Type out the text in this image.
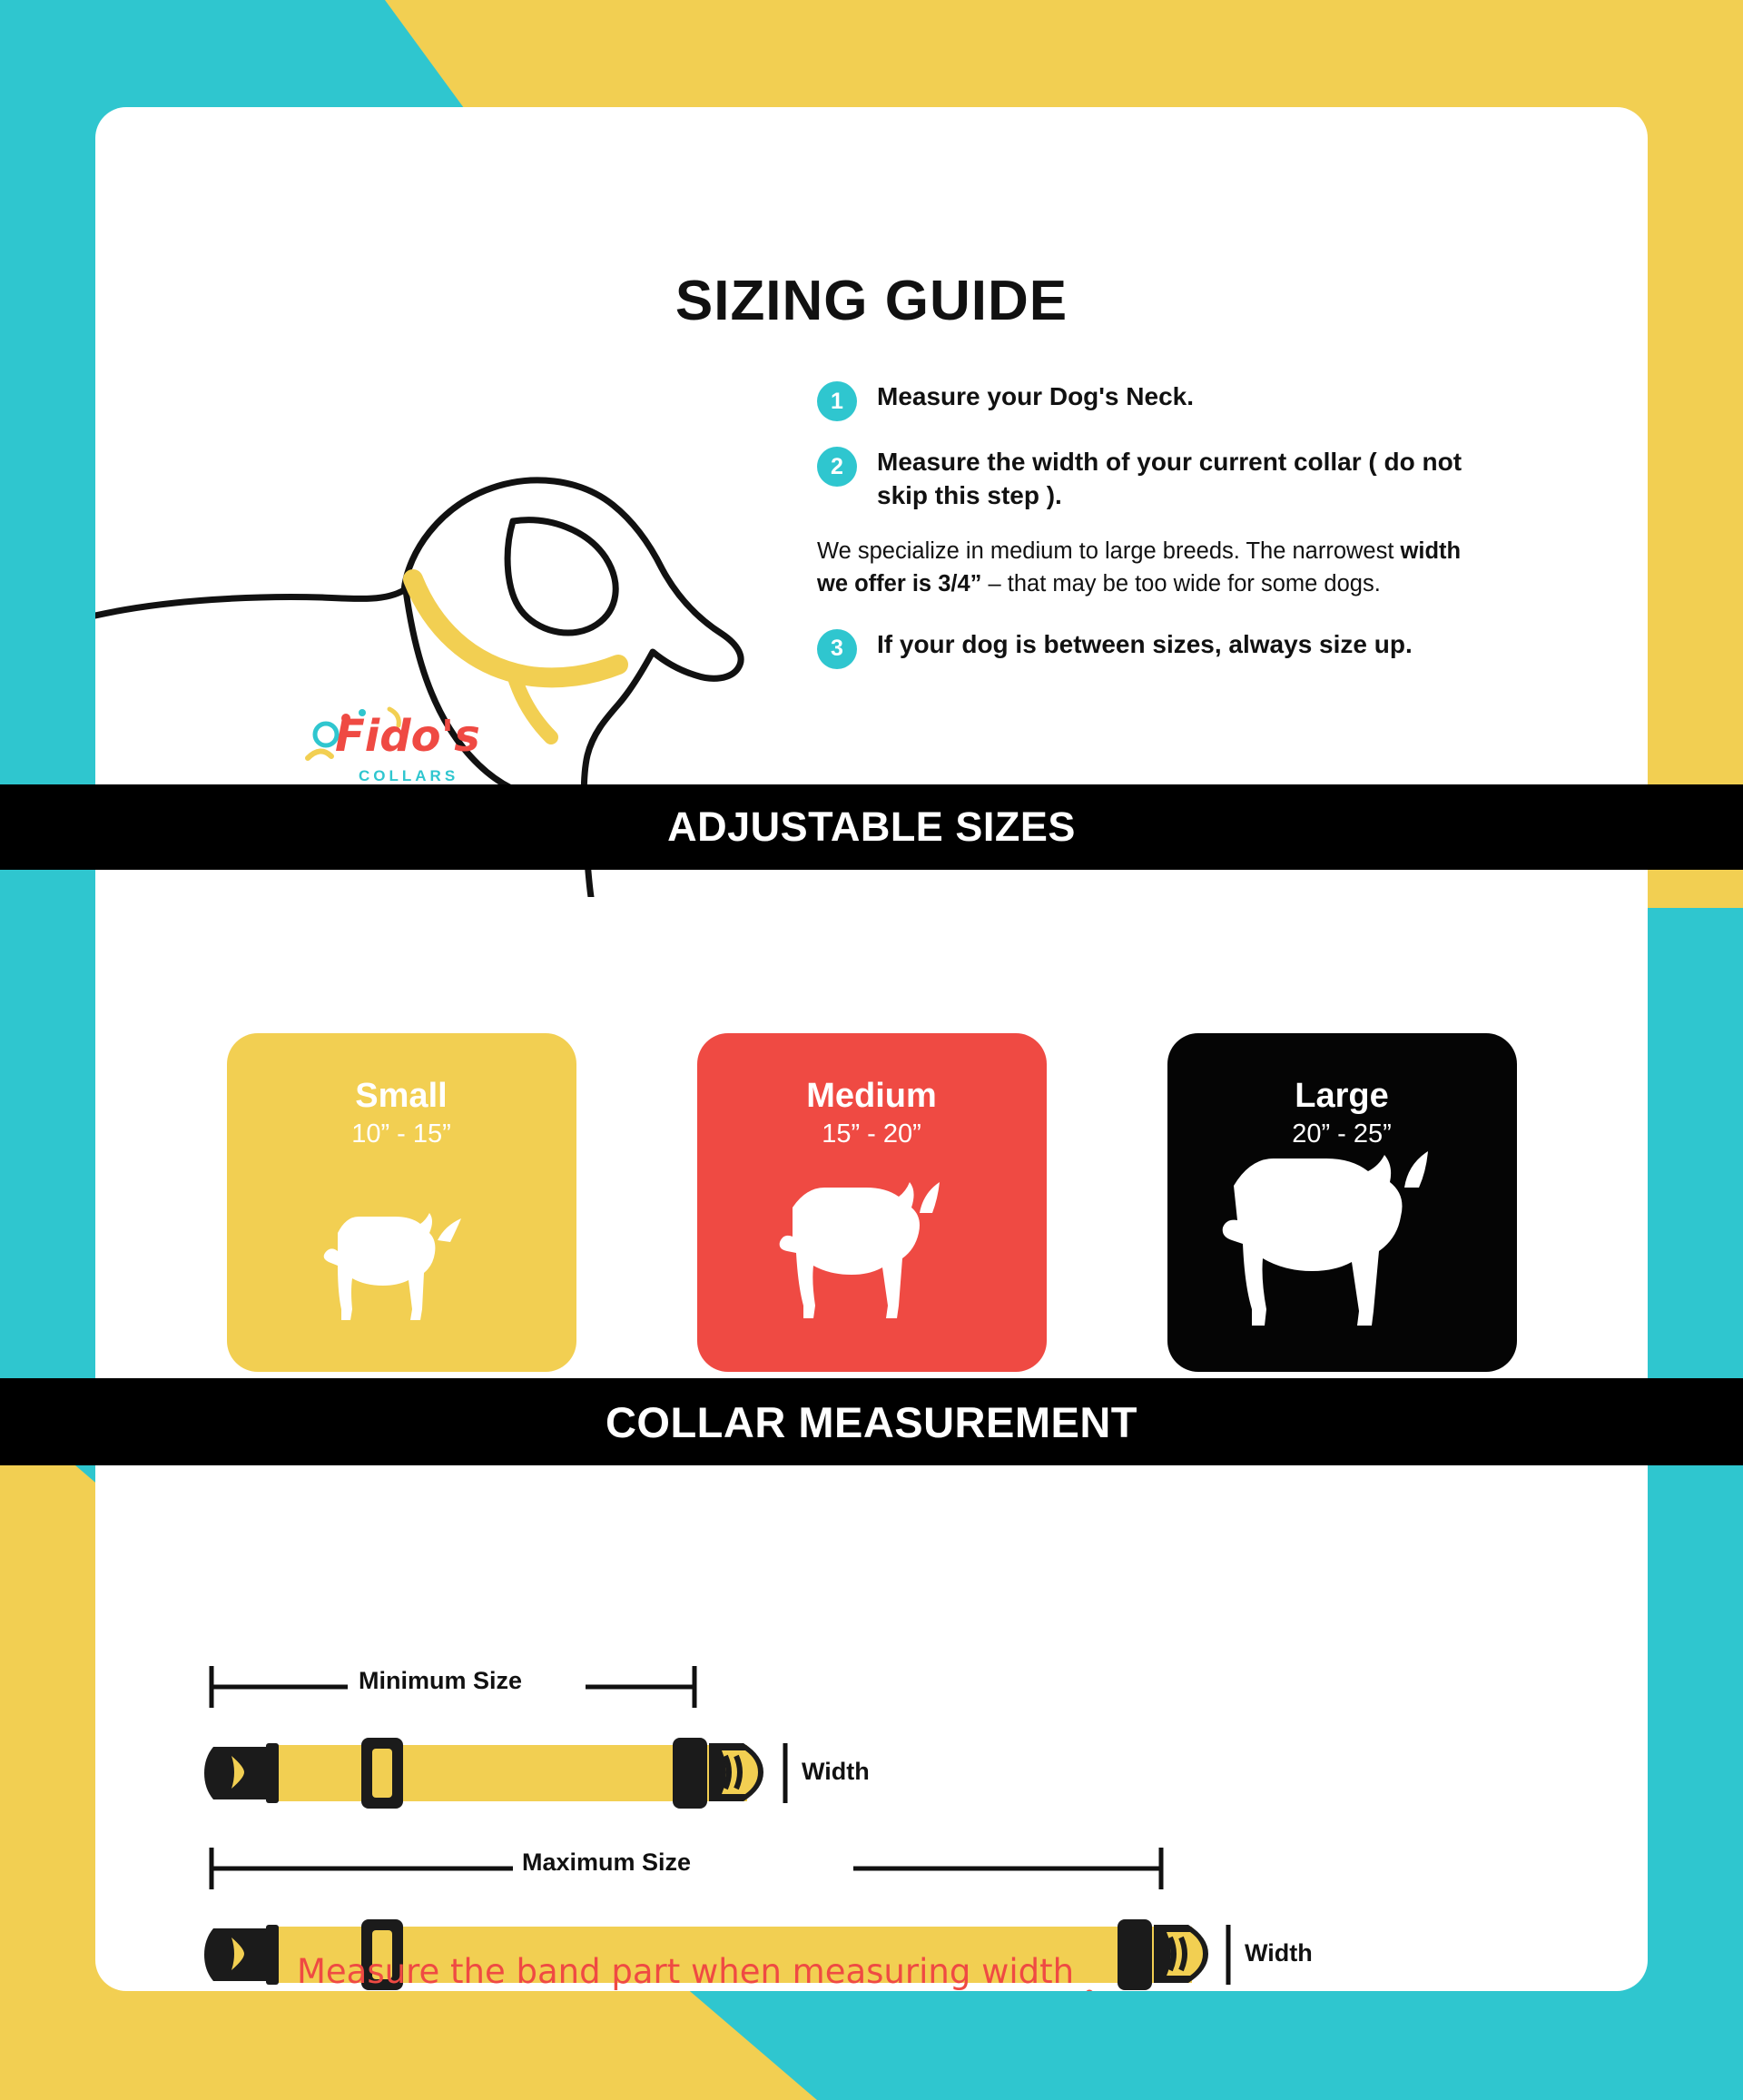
SIZING GUIDE
Fido's
COLLARS
1	Measure your Dog's Neck.
2	Measure the width of your current collar ( do not skip this step ).
We specialize in medium to large breeds. The narrowest width we offer is 3/4” – that may be too wide for some dogs.
3	If your dog is between sizes, always size up.
Small
10” - 15”
Medium
15” - 20”
Large
20” - 25”
Minimum Size
Maximum Size
Width
Width
Measure the band part when measuring width
ADJUSTABLE SIZES
COLLAR MEASUREMENT
